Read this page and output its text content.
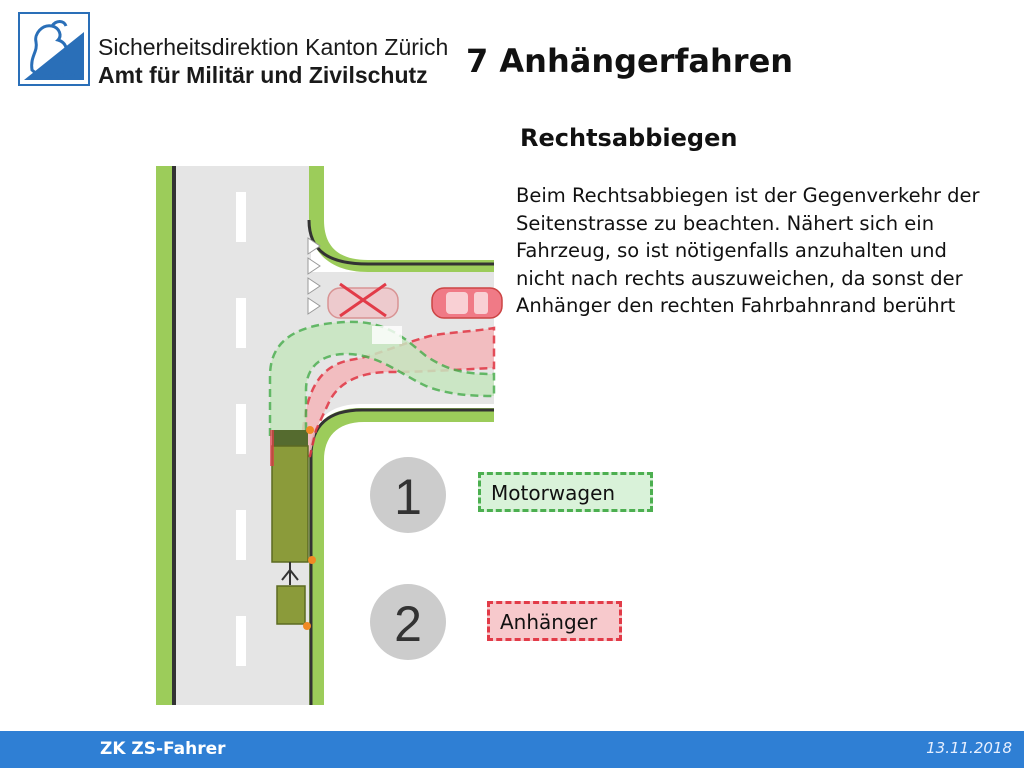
Sicherheitsdirektion Kanton Zürich
Amt für Militär und Zivilschutz 7 Anhängerfahren
Rechtsabbiegen
Beim Rechtsabbiegen ist der Gegenverkehr der Seitenstrasse zu beachten. Nähert sich ein Fahrzeug, so ist nötigenfalls anzuhalten und nicht nach rechts auszuweichen, da sonst der Anhänger den rechten Fahrbahnrand berührt
1
2
Motorwagen
Anhänger
ZK ZS-Fahrer	13.11.2018
